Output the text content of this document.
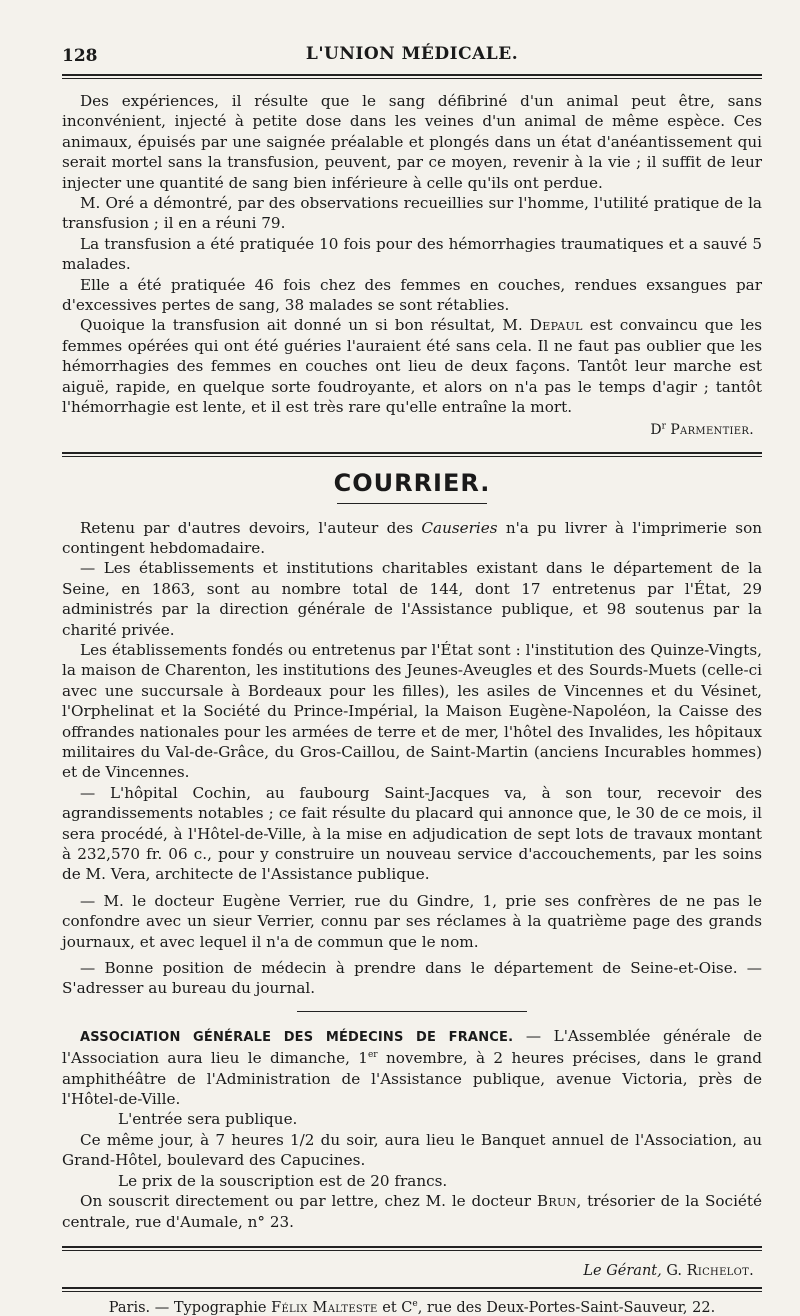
128	L'UNION MÉDICALE.

Des expériences, il résulte que le sang défibriné d'un animal peut être, sans inconvénient, injecté à petite dose dans les veines d'un animal de même espèce. Ces animaux, épuisés par une saignée préalable et plongés dans un état d'anéantissement qui serait mortel sans la transfusion, peuvent, par ce moyen, revenir à la vie ; il suffit de leur injecter une quantité de sang bien inférieure à celle qu'ils ont perdue.

M. Oré a démontré, par des observations recueillies sur l'homme, l'utilité pratique de la transfusion ; il en a réuni 79.

La transfusion a été pratiquée 10 fois pour des hémorrhagies traumatiques et a sauvé 5 malades.

Elle a été pratiquée 46 fois chez des femmes en couches, rendues exsangues par d'excessives pertes de sang, 38 malades se sont rétablies.

Quoique la transfusion ait donné un si bon résultat, M. Depaul est convaincu que les femmes opérées qui ont été guéries l'auraient été sans cela. Il ne faut pas oublier que les hémorrhagies des femmes en couches ont lieu de deux façons. Tantôt leur marche est aiguë, rapide, en quelque sorte foudroyante, et alors on n'a pas le temps d'agir ; tantôt l'hémorrhagie est lente, et il est très rare qu'elle entraîne la mort.

$D^r$ Parmentier.
COURRIER.

Retenu par d'autres devoirs, l'auteur des Causeries n'a pu livrer à l'imprimerie son contingent hebdomadaire.

— Les établissements et institutions charitables existant dans le département de la Seine, en 1863, sont au nombre total de 144, dont 17 entretenus par l'État, 29 administrés par la direction générale de l'Assistance publique, et 98 soutenus par la charité privée.

Les établissements fondés ou entretenus par l'État sont : l'institution des Quinze-Vingts, la maison de Charenton, les institutions des Jeunes-Aveugles et des Sourds-Muets (celle-ci avec une succursale à Bordeaux pour les filles), les asiles de Vincennes et du Vésinet, l'Orphelinat et la Société du Prince-Impérial, la Maison Eugène-Napoléon, la Caisse des offrandes nationales pour les armées de terre et de mer, l'hôtel des Invalides, les hôpitaux militaires du Val-de-Grâce, du Gros-Caillou, de Saint-Martin (anciens Incurables hommes) et de Vincennes.

— L'hôpital Cochin, au faubourg Saint-Jacques va, à son tour, recevoir des agrandissements notables ; ce fait résulte du placard qui annonce que, le 30 de ce mois, il sera procédé, à l'Hôtel-de-Ville, à la mise en adjudication de sept lots de travaux montant à 232,570 fr. 06 c., pour y construire un nouveau service d'accouchements, par les soins de M. Vera, architecte de l'Assistance publique.

— M. le docteur Eugène Verrier, rue du Gindre, 1, prie ses confrères de ne pas le confondre avec un sieur Verrier, connu par ses réclames à la quatrième page des grands journaux, et avec lequel il n'a de commun que le nom.

— Bonne position de médecin à prendre dans le département de Seine-et-Oise. — S'adresser au bureau du journal.

ASSOCIATION GÉNÉRALE DES MÉDECINS DE FRANCE. — L'Assemblée générale de l'Association aura lieu le dimanche, 1er novembre, à 2 heures précises, dans le grand amphithéâtre de l'Administration de l'Assistance publique, avenue Victoria, près de l'Hôtel-de-Ville.

L'entrée sera publique.

Ce même jour, à 7 heures 1/2 du soir, aura lieu le Banquet annuel de l'Association, au Grand-Hôtel, boulevard des Capucines.

Le prix de la souscription est de 20 francs.

On souscrit directement ou par lettre, chez M. le docteur Brun, trésorier de la Société centrale, rue d'Aumale, n° 23.

Le Gérant, G. Richelot.
Paris. — Typographie Félix Malteste et Ce, rue des Deux-Portes-Saint-Sauveur, 22.
